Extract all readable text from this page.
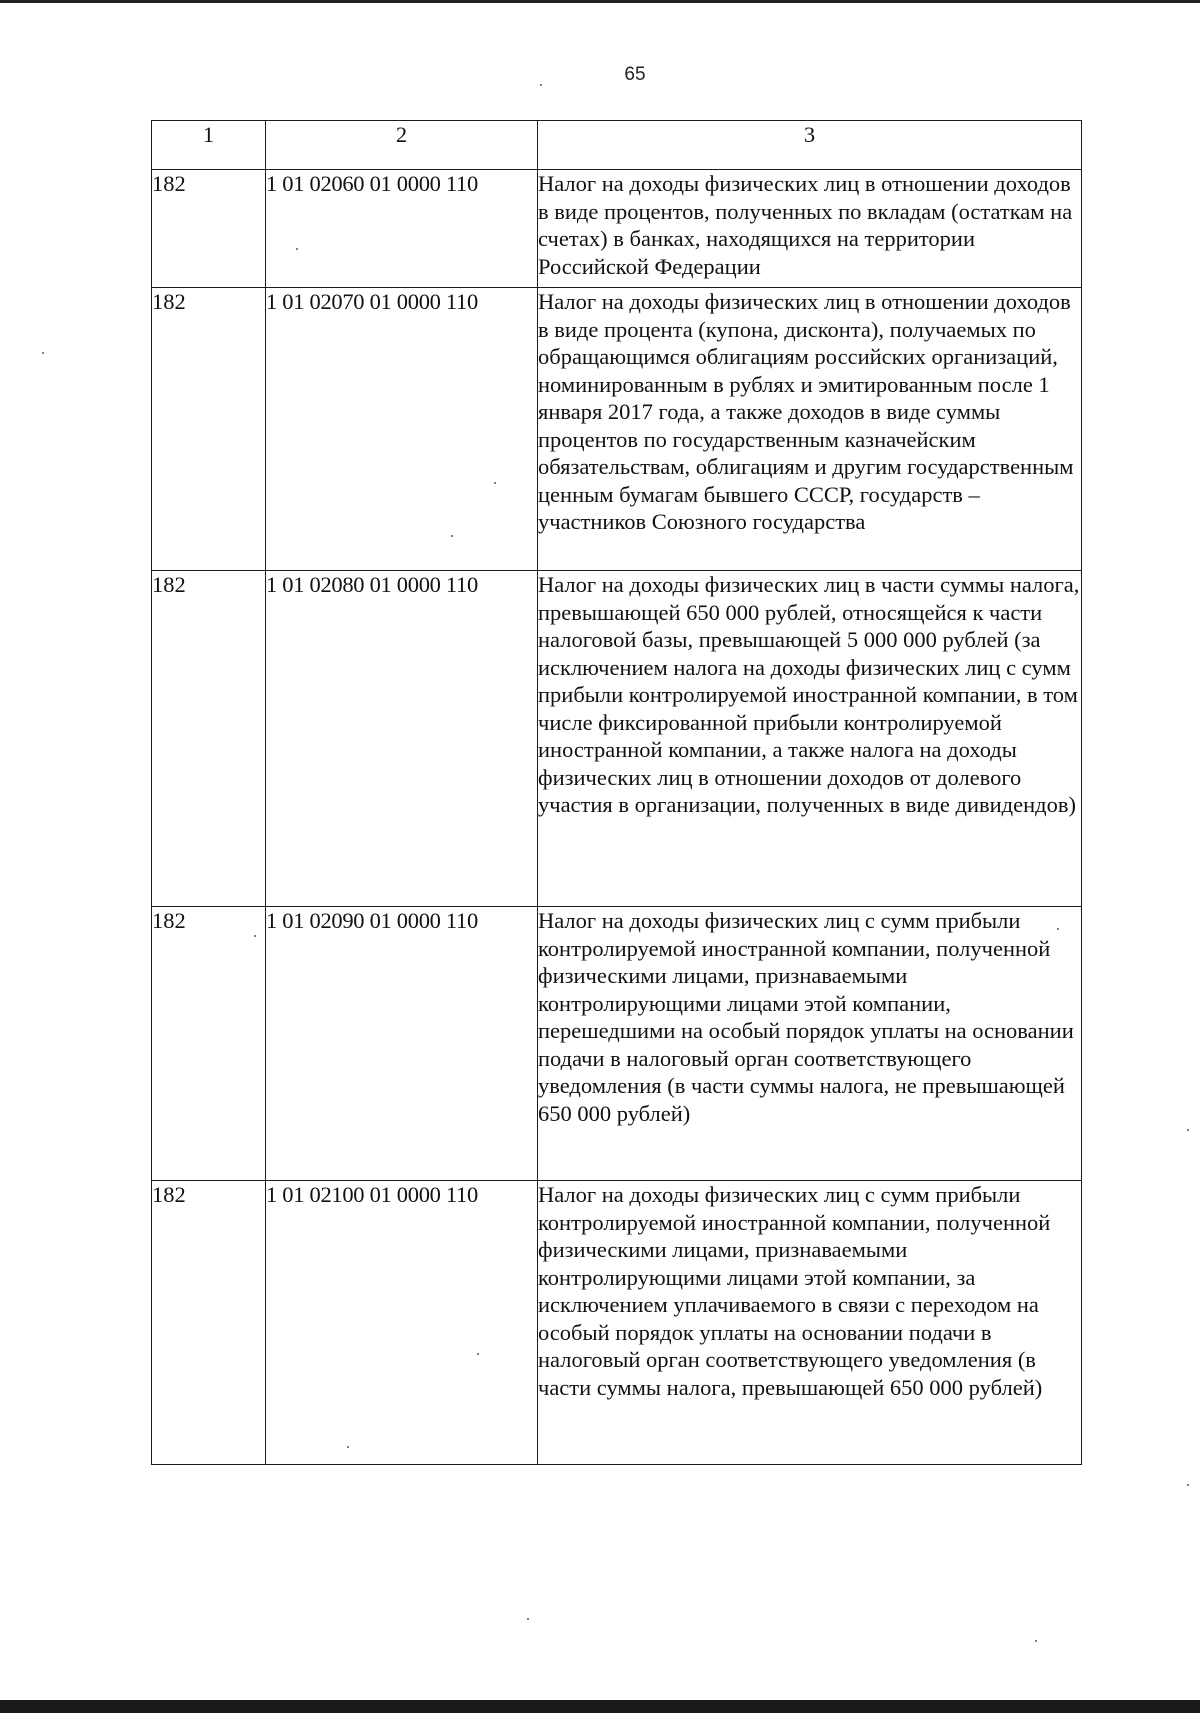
65
1	2	3
182	1 01 02060 01 0000 110	Налог на доходы физических лиц в отношении доходов в виде процентов, полученных по вкладам (остаткам на счетах) в банках, находящихся на территории Российской Федерации
182	1 01 02070 01 0000 110	Налог на доходы физических лиц в отношении доходов в виде процента (купона, дисконта), получаемых по обращающимся облигациям российских организаций, номинированным в рублях и эмитированным после 1 января 2017 года, а также доходов в виде суммы процентов по государственным казначейским обязательствам, облигациям и другим государственным ценным бумагам бывшего СССР, государств – участников Союзного государства
182	1 01 02080 01 0000 110	Налог на доходы физических лиц в части суммы налога, превышающей 650 000 рублей, относящейся к части налоговой базы, превышающей 5 000 000 рублей (за исключением налога на доходы физических лиц с сумм прибыли контролируемой иностранной компании, в том числе фиксированной прибыли контролируемой иностранной компании, а также налога на доходы физических лиц в отношении доходов от долевого участия в организации, полученных в виде дивидендов)
182	1 01 02090 01 0000 110	Налог на доходы физических лиц с сумм прибыли контролируемой иностранной компании, полученной физическими лицами, признаваемыми контролирующими лицами этой компании, перешедшими на особый порядок уплаты на основании подачи в налоговый орган соответствующего уведомления (в части суммы налога, не превышающей 650 000 рублей)
182	1 01 02100 01 0000 110	Налог на доходы физических лиц с сумм прибыли контролируемой иностранной компании, полученной физическими лицами, признаваемыми контролирующими лицами этой компании, за исключением уплачиваемого в связи с переходом на особый порядок уплаты на основании подачи в налоговый орган соответствующего уведомления (в части суммы налога, превышающей 650 000 рублей)
